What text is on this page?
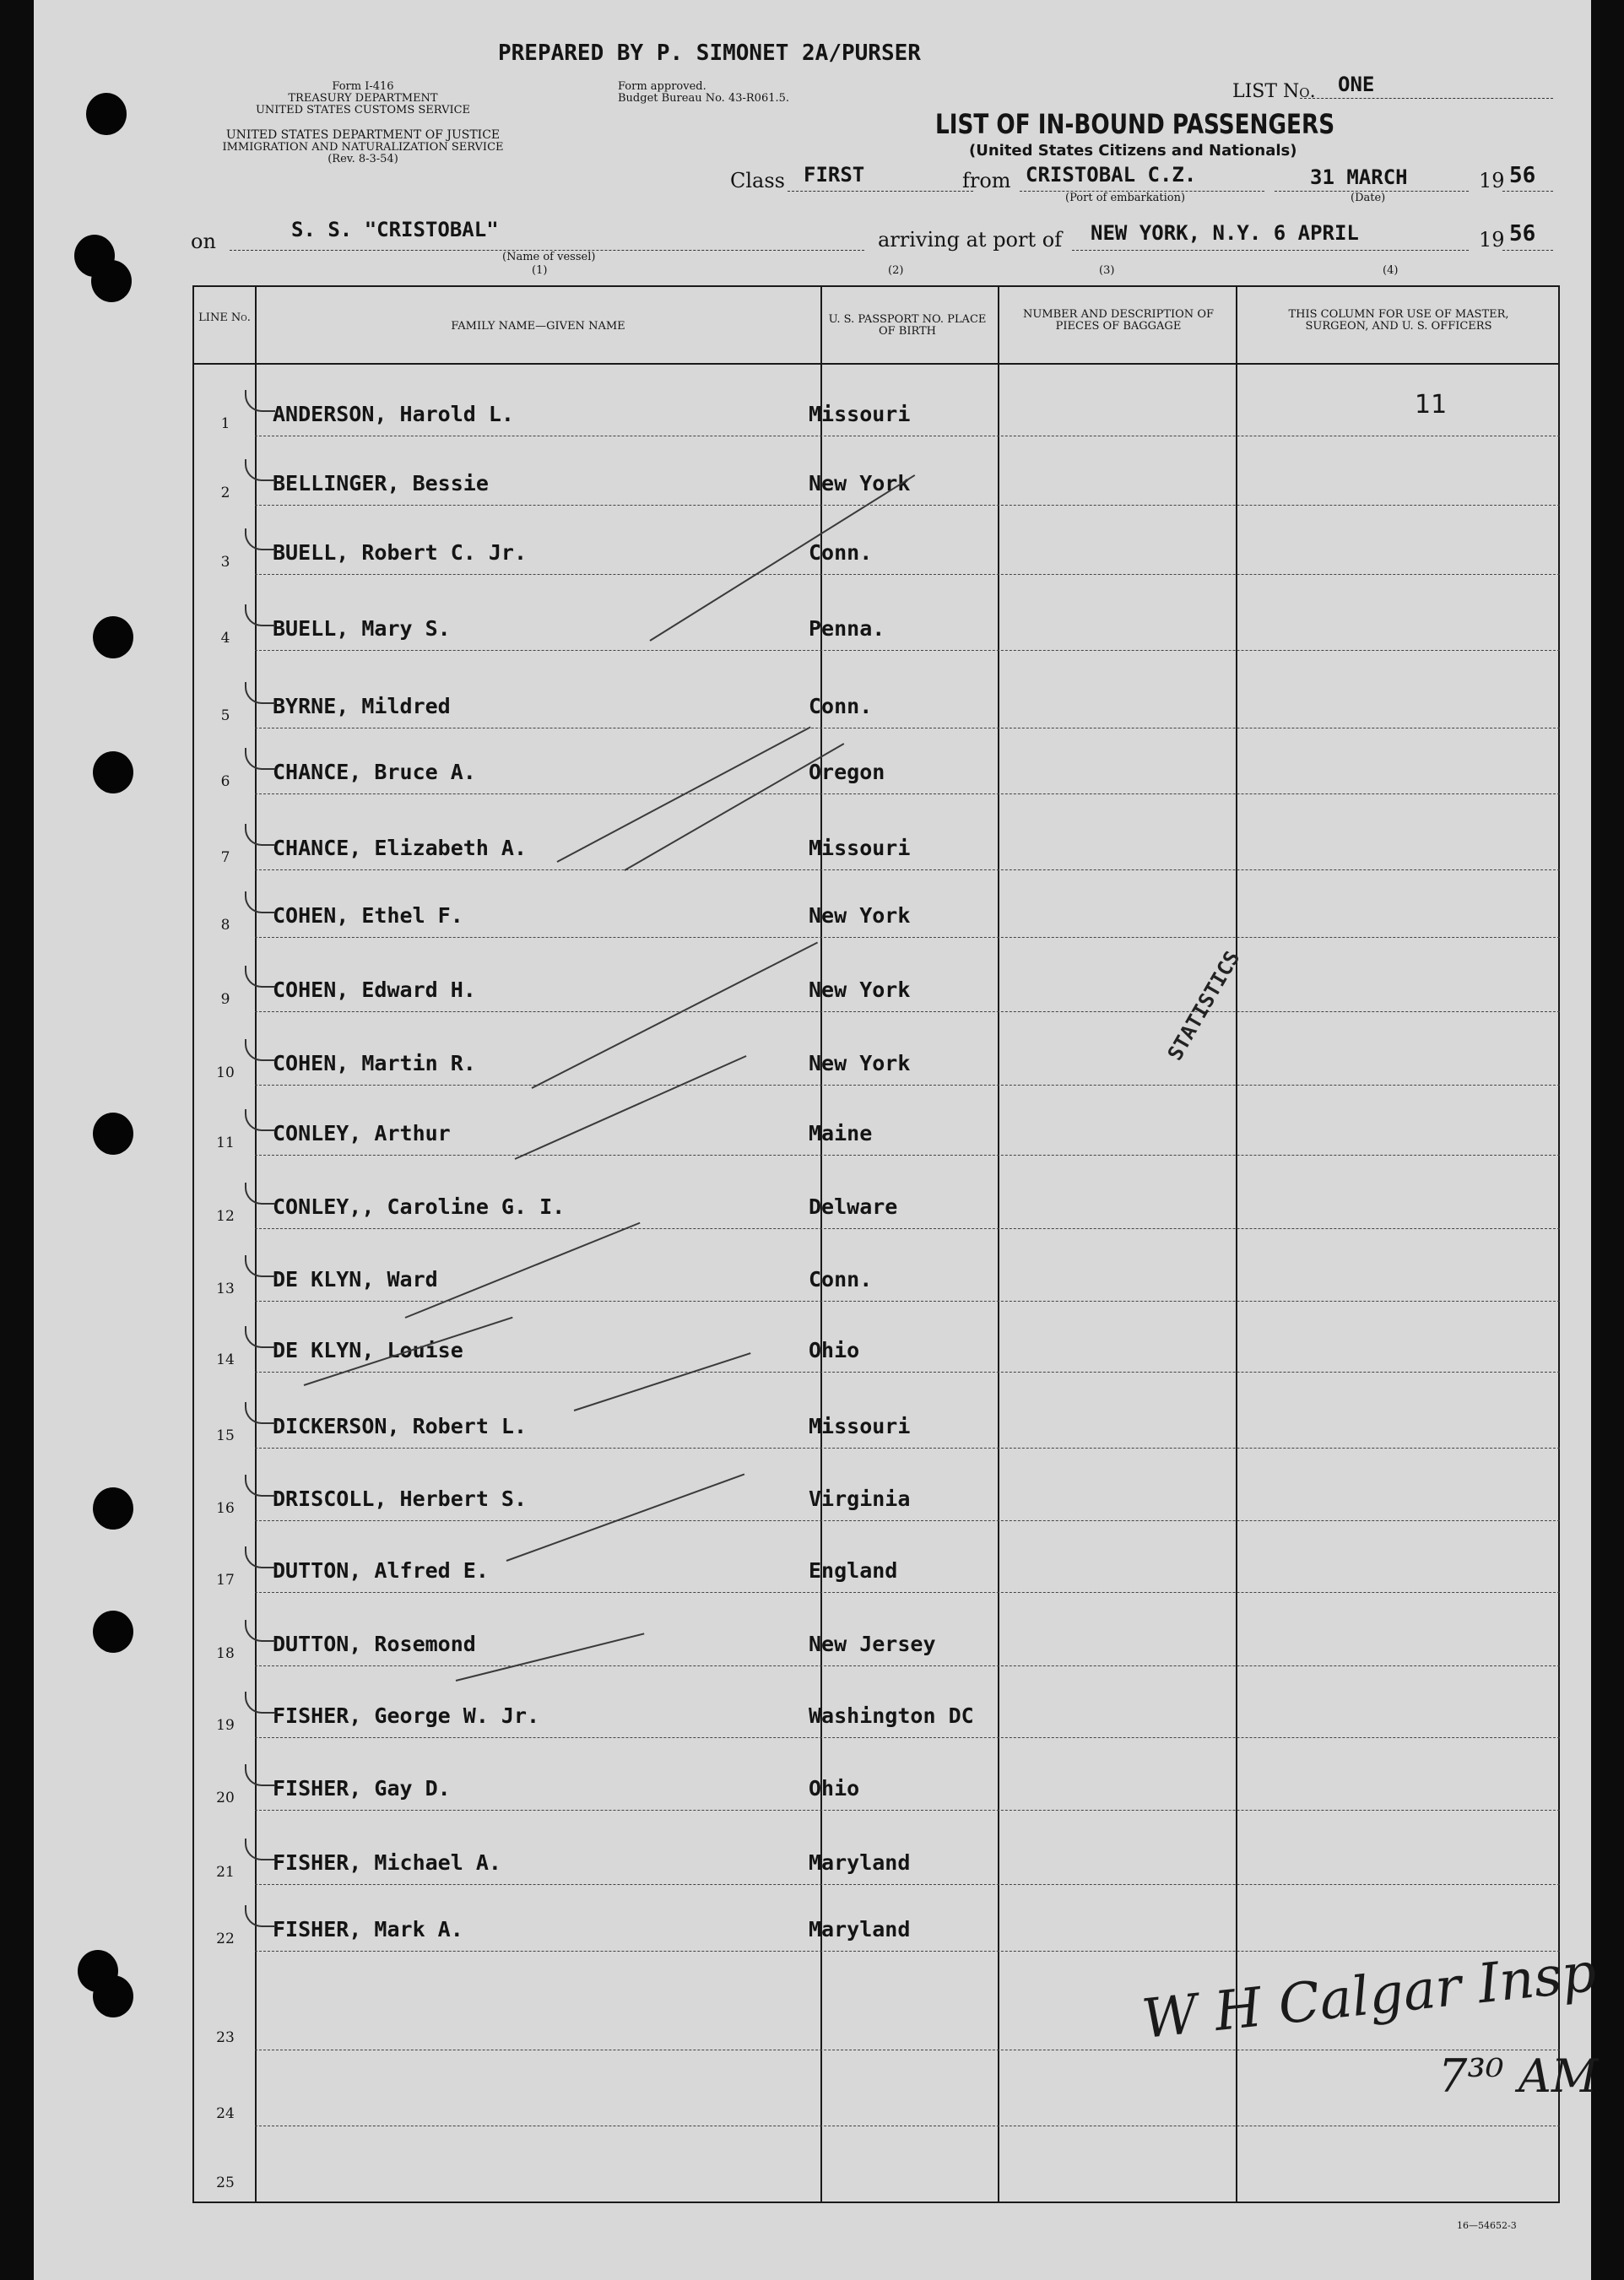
PREPARED BY P. SIMONET 2A/PURSER
Form I-416
TREASURY DEPARTMENT
UNITED STATES CUSTOMS SERVICE
UNITED STATES DEPARTMENT OF JUSTICE
IMMIGRATION AND NATURALIZATION SERVICE
(Rev. 8-3-54)
Form approved.
Budget Bureau No. 43-R061.5.	LIST No. ONE
LIST OF IN-BOUND PASSENGERS
(United States Citizens and Nationals)
Class FIRST	from CRISTOBAL C.Z.
(Port of embarkation)
31 MARCH
(Date)
19 56
on	S. S. "CRISTOBAL"
(Name of vessel)
(1)
arriving at port of NEW YORK, N.Y. 6 APRIL	19 56
(2)	(3)	(4)
LINE No.
FAMILY NAME—GIVEN NAME
U. S. PASSPORT NO. PLACE OF BIRTH
NUMBER AND DESCRIPTION OF PIECES OF BAGGAGE
THIS COLUMN FOR USE OF MASTER, SURGEON, AND U. S. OFFICERS
1	ANDERSON, Harold L.	Missouri
2	BELLINGER, Bessie	New York
3	BUELL, Robert C. Jr.	Conn.
4	BUELL, Mary S.	Penna.
5	BYRNE, Mildred	Conn.
6	CHANCE, Bruce A.	Oregon
7	CHANCE, Elizabeth A.	Missouri
8	COHEN, Ethel F.	New York
9	COHEN, Edward H.	New York
10	COHEN, Martin R.	New York
11	CONLEY, Arthur	Maine
12	CONLEY,, Caroline G. I.	Delware
13	DE KLYN, Ward	Conn.
14	DE KLYN, Louise	Ohio
15	DICKERSON, Robert L.	Missouri
16	DRISCOLL, Herbert S.	Virginia
17	DUTTON, Alfred E.	England
18	DUTTON, Rosemond	New Jersey
19	FISHER, George W. Jr.	Washington DC
20	FISHER, Gay D.	Ohio
21	FISHER, Michael A.	Maryland
22	FISHER, Mark A.	Maryland
23
24
25
11
STATISTICS
W H Calgar Insp
7³⁰ AM
16—54652-3
